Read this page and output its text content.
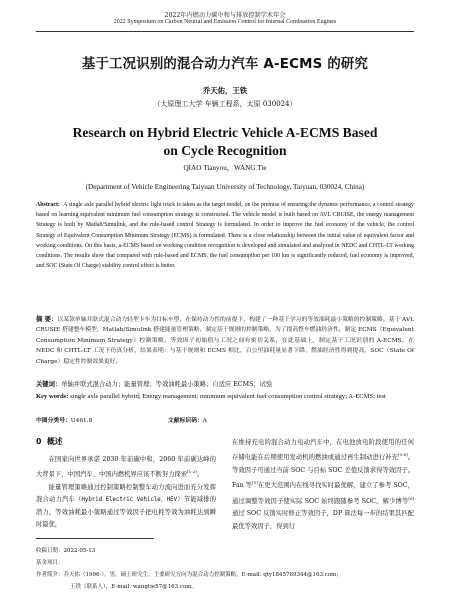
2022年内燃动力碳中和与排放控制学术年会
2022 Symposium on Carbon Neutral and Emission Control for Internal Combustion Engines
基于工况识别的混合动力汽车 A-ECMS 的研究
乔天佑，王铁
（太原理工大学 车辆工程系，太原 030024）
Research on Hybrid Electric Vehicle A-ECMS Based
on Cycle Recognition
QIAO Tianyou，WANG Tie
(Department of Vehicle Engineering Taiyuan University of Technology, Taiyuan, 030024, China)
Abstract: A single axle parallel hybrid electric light truck is taken as the target model, on the premise of ensuring the dynamic performance, a control strategy based on learning equivalent minimum fuel consumption strategy is constructed. The vehicle model is built based on AVL CRUISE, the energy management Strategy is built by Matlab/Simulink, and the rule-based control Strategy is formulated. In order to improve the fuel economy of the vehicle, the control Strategy of Equivalent Consumption Minimum Strategy (ECMS) is formulated. There is a close relationship between the initial value of equivalent factor and working conditions. On this basis, a-ECMS based on working condition recognition is developed and simulated and analyzed in NEDC and CHTL-LT working conditions. The results show that compared with rule-based and ECMS, the fuel consumption per 100 km is significantly reduced, fuel economy is improved, and SOC (State Of Charge) stability control effect is better.
摘 要：以某款单轴并联式混合动力轻型卡车为目标车型，在保持动力性的前提下，构建了一种基于学习的等效油耗最小策略的控制策略。基于 AVL CRUSIE 搭建整车模型，Matlab/Simulink 搭建能量管理策略，制定基于规则的控制策略，为了提高整车燃油经济性，制定 ECMS（Equivalent Consumption Minimum Strategy）控制策略，等效因子初始值与工况之间有密切关系，在此基础上，制定基于工况识别的 A-ECMS，在 NEDC 和 CHTL-LT 工况下仿真分析，结果表明：与基于规则和 ECMS 相比，百公里油耗量显著下降，燃油经济性得到提高，SOC（State Of Charge）稳定性控制效果更好。
关键词：单轴并联式混合动力；能量管理；等效油耗最小策略；自适应 ECMS；试验
Key words: single axle parallel hybrid; Energy management; minimum equivalent fuel consumption control strategy; A-ECMS; test
中图分类号：U461.8	文献标识码：A
0 概述

在国家向世界承诺 2030 年前碳中和，2060 年前碳达峰的大背景下，中国汽车、中国内燃机界应该不断努力探索[1-2]。

能量管理策略通过控制策略控制整车动力流向进而充分发挥混合动力汽车（Hybrid Electric Vehicle，HEV）节能减排的潜力，等效油耗最小策略通过等效因子把电耗等效为油耗达到瞬时最优，

在维持充电的混合动力电动汽车中，在电池放电阶段使用的任何存储电能在后期使用发动机的燃油或通过再生制动进行补充[3-4]。等效因子可通过当前 SOC 与目标 SOC 差值反馈求得等效因子。Fan 等[5]在更大范围内在线寻找实时最优解，建立了参考 SOC，通过调整等效因子使实际 SOC 始终跟随参考 SOC。解少博等[6]通过 SOC 反馈实时修正等效因子，DP 算法每一步的结果其匹配最优等效因子，得到行

收稿日期：2022-05-13
基金项目：
作者简介：乔天佑（1996-），男，硕士研究生，主要研究方向为混合动力控制策略，E-mail: qty1845769344@163.com；
王铁（联系人），E-mail: wangtie57@163.com。
